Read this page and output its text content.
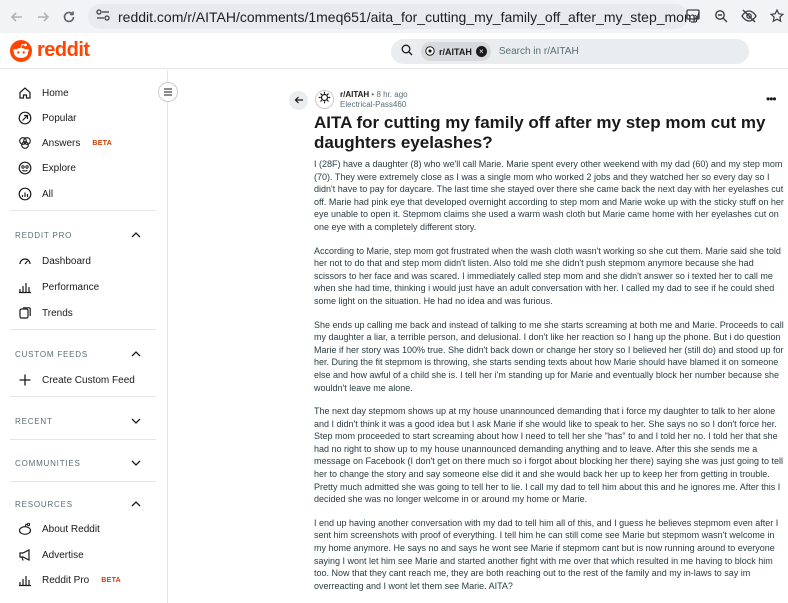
reddit.com/r/AITAH/comments/1meq651/aita_for_cutting_my_family_off_after_my_step_mom/
reddit	r/AITAH ×	Search in r/AITAH
Home
Popular
Answers BETA
Explore
All
REDDIT PRO
Dashboard
Performance
Trends
CUSTOM FEEDS
Create Custom Feed
RECENT
COMMUNITIES
RESOURCES
About Reddit
Advertise
Reddit Pro BETA
r/AITAH • 8 hr. ago
Electrical-Pass460	•••
AITA for cutting my family off after my step mom cut my daughters eyelashes?

I (28F) have a daughter (8) who we'll call Marie. Marie spent every other weekend with my dad (60) and my step mom (70). They were extremely close as I was a single mom who worked 2 jobs and they watched her so every day so I didn't have to pay for daycare. The last time she stayed over there she came back the next day with her eyelashes cut off. Marie had pink eye that developed overnight according to step mom and Marie woke up with the sticky stuff on her eye unable to open it. Stepmom claims she used a warm wash cloth but Marie came home with her eyelashes cut on one eye with a completely different story.

According to Marie, step mom got frustrated when the wash cloth wasn't working so she cut them. Marie said she told her not to do that and step mom didn't listen. Also told me she didn't push stepmom anymore because she had scissors to her face and was scared. I immediately called step mom and she didn't answer so i texted her to call me when she had time, thinking i would just have an adult conversation with her. I called my dad to see if he could shed some light on the situation. He had no idea and was furious.

She ends up calling me back and instead of talking to me she starts screaming at both me and Marie. Proceeds to call my daughter a liar, a terrible person, and delusional. I don't like her reaction so I hang up the phone. But i do question Marie if her story was 100% true. She didn't back down or change her story so I believed her (still do) and stood up for her. During the fit stepmom is throwing, she starts sending texts about how Marie should have blamed it on someone else and how awful of a child she is. I tell her i'm standing up for Marie and eventually block her number because she wouldn't leave me alone.

The next day stepmom shows up at my house unannounced demanding that i force my daughter to talk to her alone and I didn't think it was a good idea but I ask Marie if she would like to speak to her. She says no so I don't force her. Step mom proceeded to start screaming about how I need to tell her she "has" to and I told her no. I told her that she had no right to show up to my house unannounced demanding anything and to leave. After this she sends me a message on Facebook (I don't get on there much so i forgot about blocking her there) saying she was just going to tell her to change the story and say someone else did it and she would back her up to keep her from getting in trouble. Pretty much admitted she was going to tell her to lie. I call my dad to tell him about this and he ignores me. After this I decided she was no longer welcome in or around my home or Marie.

I end up having another conversation with my dad to tell him all of this, and I guess he believes stepmom even after I sent him screenshots with proof of everything. I tell him he can still come see Marie but stepmom wasn't welcome in my home anymore. He says no and says he wont see Marie if stepmom cant but is now running around to everyone saying I wont let him see Marie and started another fight with me over that which resulted in me having to block him too. Now that they cant reach me, they are both reaching out to the rest of the family and my in-laws to say im overreacting and I wont let them see Marie. AITA?
